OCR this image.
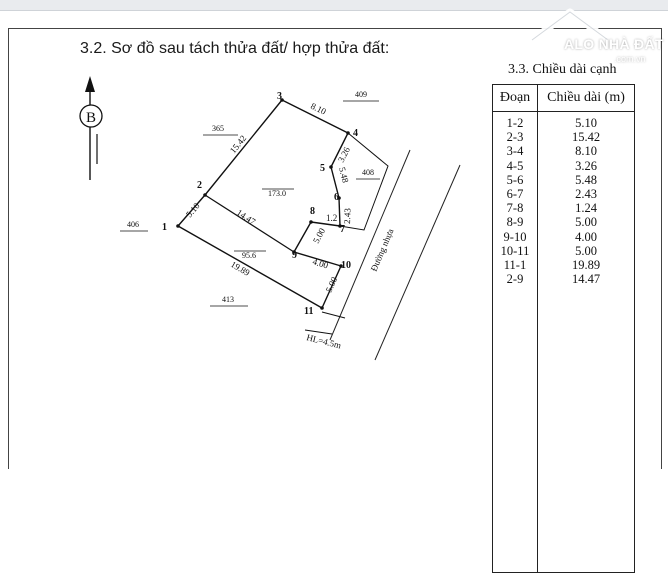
3.2. Sơ đồ sau tách thửa đất/ hợp thửa đất:
3.3. Chiều dài cạnh
ALO NHÀ ĐẤT
.com.vn
Đoạn	Chiều dài (m)
1-2	5.10
2-3	15.42
3-4	8.10
4-5	3.26
5-6	5.48
6-7	2.43
7-8	1.24
8-9	5.00
9-10	4.00
10-11	5.00
11-1	19.89
2-9	14.47
B
Đường nhựa
HL=4.5m
1
2
3
4
5
6
7
8
9
10
11
5.10
15.42
8.10
3.26
5.48
2.43
1.2
5.00
4.00
5.00
19.89
14.47
409
365
408
406
413
173.0
95.6
